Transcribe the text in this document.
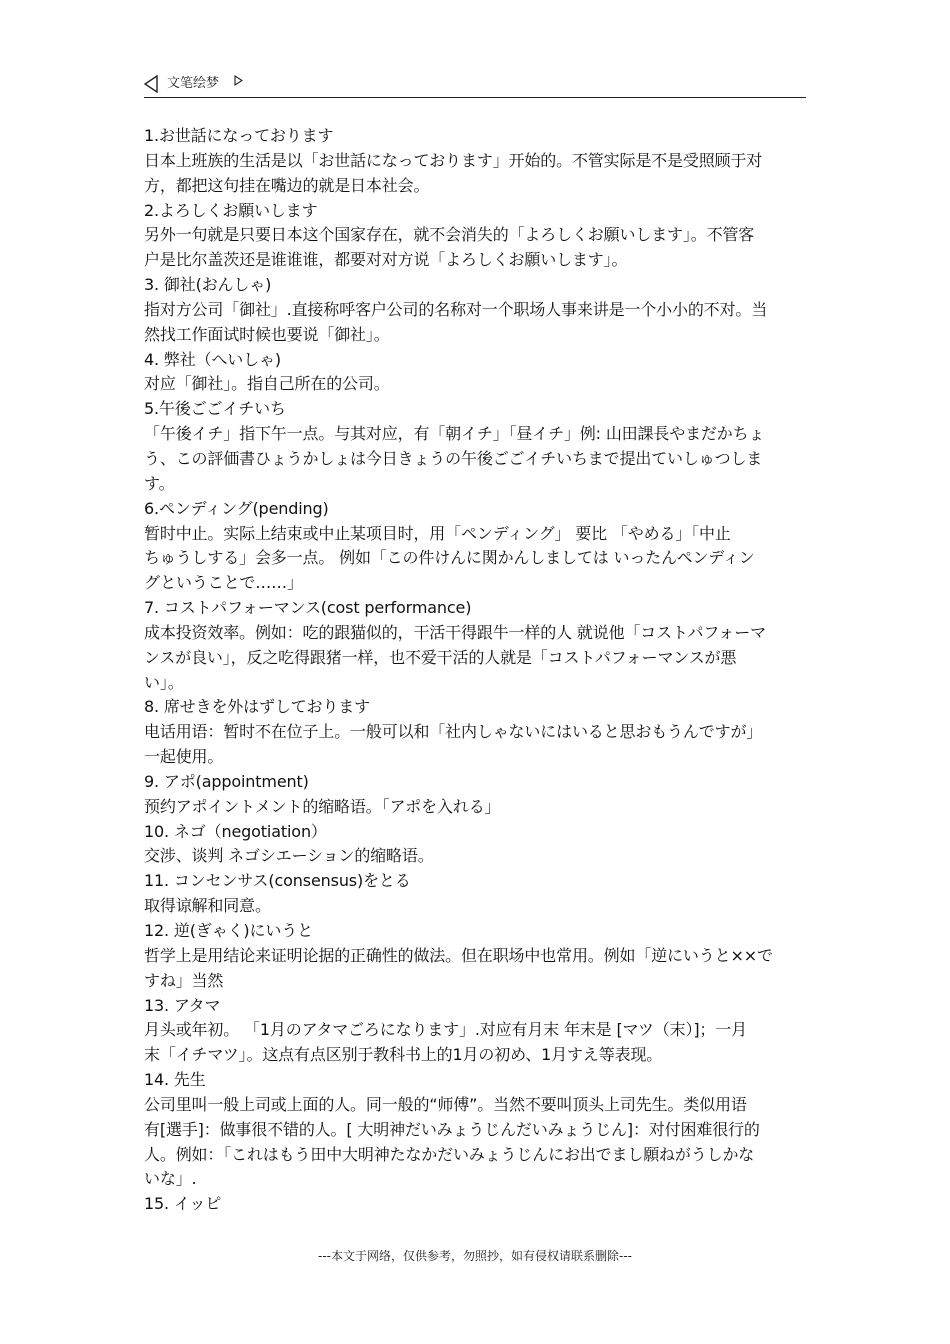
文笔绘梦
1.お世話になっております
日本上班族的生活是以「お世話になっております」开始的。不管实际是不是受照顾于对
方，都把这句挂在嘴边的就是日本社会。
2.よろしくお願いします
另外一句就是只要日本这个国家存在，就不会消失的「よろしくお願いします」。不管客
户是比尔盖茨还是谁谁谁，都要对对方说「よろしくお願いします」。
3. 御社(おんしゃ)
指对方公司「御社」.直接称呼客户公司的名称对一个职场人事来讲是一个小小的不对。当
然找工作面试时候也要说「御社」。
4. 弊社（へいしゃ)
对应「御社」。指自己所在的公司。
5.午後ごごイチいち
「午後イチ」指下午一点。与其对应，有「朝イチ」「昼イチ」例: 山田課長やまだかちょ
う、この評価書ひょうかしょは今日きょうの午後ごごイチいちまで提出ていしゅつしま
す。
6.ペンディング(pending)
暂时中止。实际上结束或中止某项目时，用「ペンディング」 要比 「やめる」「中止
ちゅうしする」会多一点。 例如「この件けんに関かんしましては いったんペンディン
グということで……」
7. コストパフォーマンス(cost performance)
成本投资效率。例如：吃的跟猫似的，干活干得跟牛一样的人 就说他「コストパフォーマ
ンスが良い」，反之吃得跟猪一样，也不爱干活的人就是「コストパフォーマンスが悪
い」。
8. 席せきを外はずしております
电话用语：暂时不在位子上。一般可以和「社内しゃないにはいると思おもうんですが」
一起使用。
9. アポ(appointment)
预约アポイントメント的缩略语。「アポを入れる」
10. ネゴ（negotiation）
交涉、谈判 ネゴシエーション的缩略语。
11. コンセンサス(consensus)をとる
取得谅解和同意。
12. 逆(ぎゃく)にいうと
哲学上是用结论来证明论据的正确性的做法。但在职场中也常用。例如「逆にいうと××で
すね」当然
13. アタマ
月头或年初。 「1月のアタマごろになります」.对应有月末 年末是 [マツ（末）]；一月
末「イチマツ」。这点有点区别于教科书上的1月の初め、1月すえ等表现。
14. 先生
公司里叫一般上司或上面的人。同一般的“师傅”。当然不要叫顶头上司先生。类似用语
有[選手]：做事很不错的人。[ 大明神だいみょうじんだいみょうじん]：对付困难很行的
人。例如：「これはもう田中大明神たなかだいみょうじんにお出でまし願ねがうしかな
いな」.
15. イッピ
---本文于网络，仅供参考，勿照抄，如有侵权请联系删除---
